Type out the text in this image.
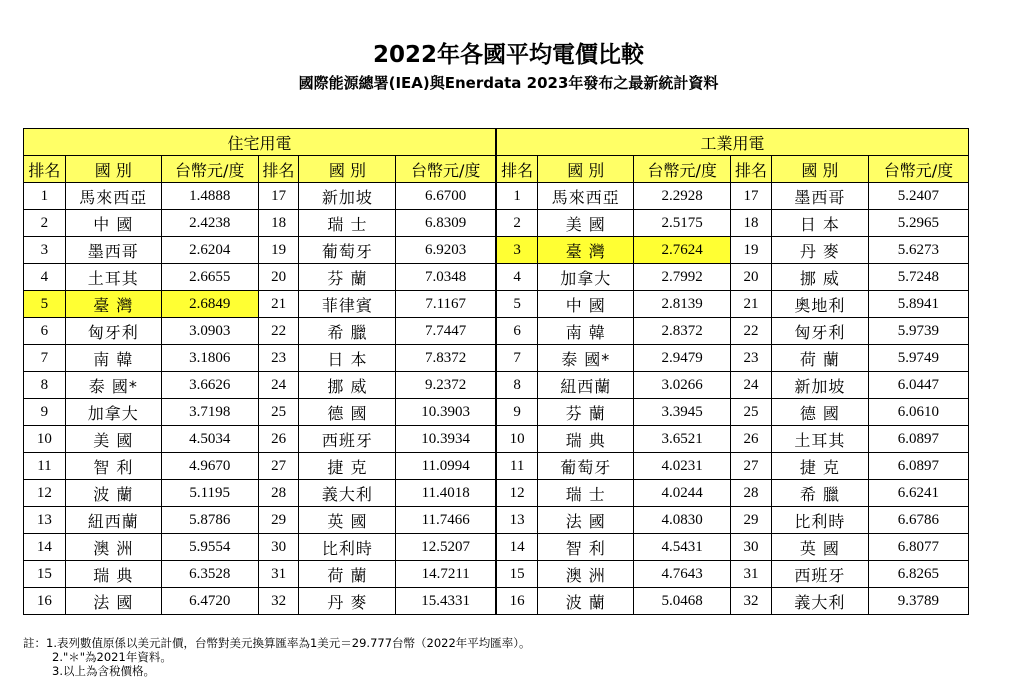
2022年各國平均電價比較
國際能源總署(IEA)與Enerdata 2023年發布之最新統計資料
住宅用電						工業用電					
排名	國 別	台幣元/度	排名	國 別	台幣元/度	排名	國 別	台幣元/度	排名	國 別	台幣元/度
1	馬來西亞	1.4888	17	新加坡	6.6700	1	馬來西亞	2.2928	17	墨西哥	5.2407
2	中 國	2.4238	18	瑞 士	6.8309	2	美 國	2.5175	18	日 本	5.2965
3	墨西哥	2.6204	19	葡萄牙	6.9203	3	臺 灣	2.7624	19	丹 麥	5.6273
4	土耳其	2.6655	20	芬 蘭	7.0348	4	加拿大	2.7992	20	挪 威	5.7248
5	臺 灣	2.6849	21	菲律賓	7.1167	5	中 國	2.8139	21	奧地利	5.8941
6	匈牙利	3.0903	22	希 臘	7.7447	6	南 韓	2.8372	22	匈牙利	5.9739
7	南 韓	3.1806	23	日 本	7.8372	7	泰 國*	2.9479	23	荷 蘭	5.9749
8	泰 國*	3.6626	24	挪 威	9.2372	8	紐西蘭	3.0266	24	新加坡	6.0447
9	加拿大	3.7198	25	德 國	10.3903	9	芬 蘭	3.3945	25	德 國	6.0610
10	美 國	4.5034	26	西班牙	10.3934	10	瑞 典	3.6521	26	土耳其	6.0897
11	智 利	4.9670	27	捷 克	11.0994	11	葡萄牙	4.0231	27	捷 克	6.0897
12	波 蘭	5.1195	28	義大利	11.4018	12	瑞 士	4.0244	28	希 臘	6.6241
13	紐西蘭	5.8786	29	英 國	11.7466	13	法 國	4.0830	29	比利時	6.6786
14	澳 洲	5.9554	30	比利時	12.5207	14	智 利	4.5431	30	英 國	6.8077
15	瑞 典	6.3528	31	荷 蘭	14.7211	15	澳 洲	4.7643	31	西班牙	6.8265
16	法 國	6.4720	32	丹 麥	15.4331	16	波 蘭	5.0468	32	義大利	9.3789
註：1.表列數值原係以美元計價，台幣對美元換算匯率為1美元＝29.777台幣（2022年平均匯率）。
2."＊"為2021年資料。
3.以上為含稅價格。
